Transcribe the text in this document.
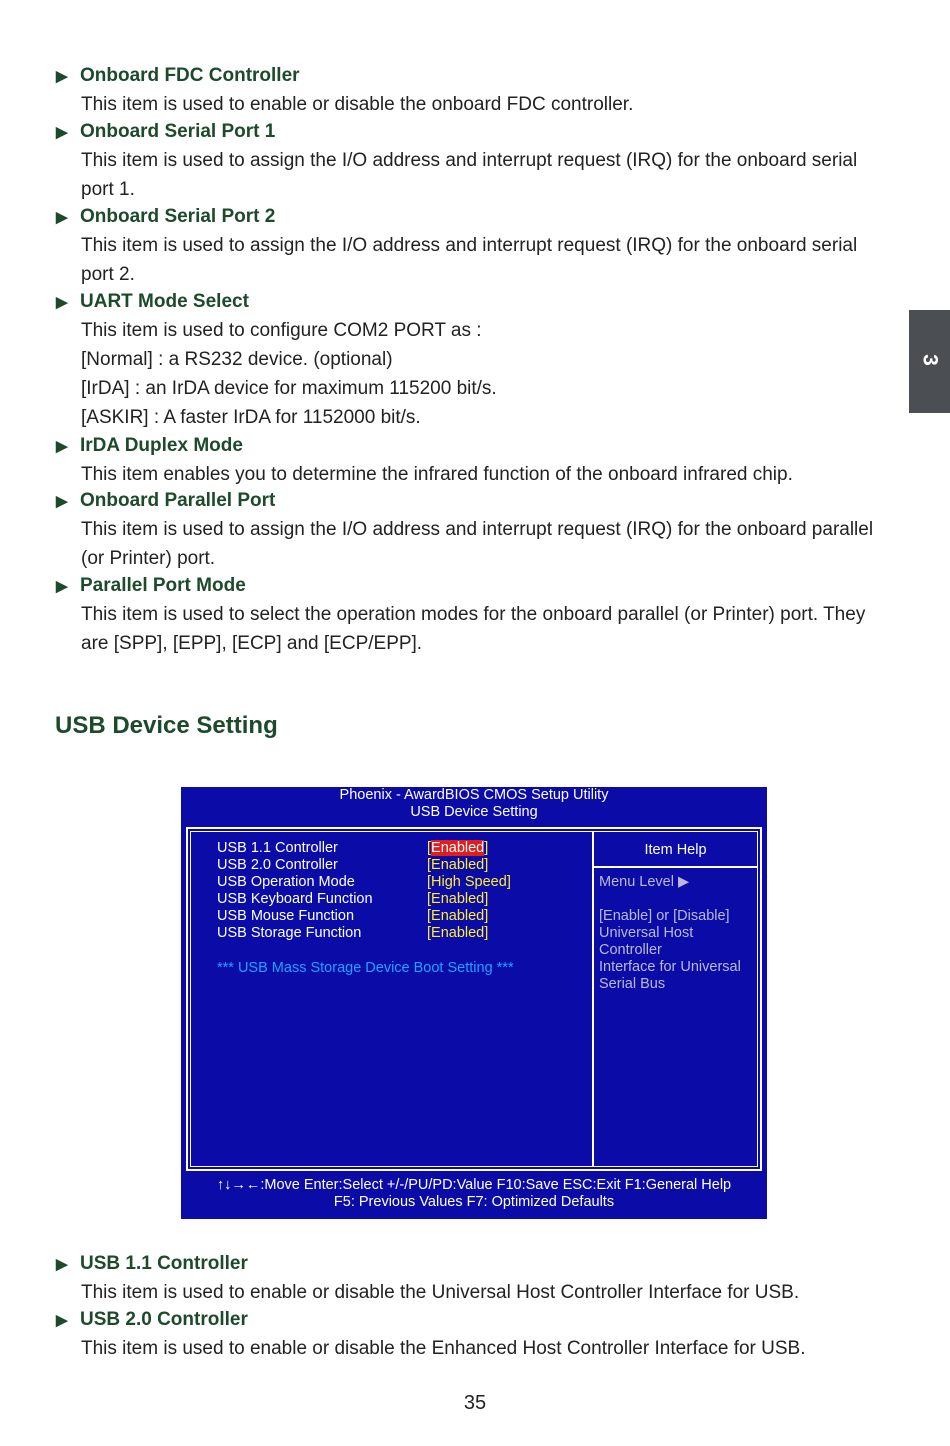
3
▶ Onboard FDC Controller
This item is used to enable or disable the onboard FDC controller.
▶ Onboard Serial Port 1
This item is used to assign the I/O address and interrupt request (IRQ) for the onboard serial
port 1.
▶ Onboard Serial Port 2
This item is used to assign the I/O address and interrupt request (IRQ) for the onboard serial
port 2.
▶ UART Mode Select
This item is used to configure COM2 PORT as :
[Normal] : a RS232 device. (optional)
[IrDA] : an IrDA device for maximum 115200 bit/s.
[ASKIR] : A faster IrDA for 1152000 bit/s.
▶ IrDA Duplex Mode
This item enables you to determine the infrared function of the onboard infrared chip.
▶ Onboard Parallel Port
This item is used to assign the I/O address and interrupt request (IRQ) for the onboard parallel
(or Printer) port.
▶ Parallel Port Mode
This item is used to select the operation modes for the onboard parallel (or Printer) port. They
are [SPP], [EPP], [ECP] and [ECP/EPP].
USB Device Setting
Phoenix - AwardBIOS CMOS Setup Utility
USB Device Setting
USB 1.1 Controller	[Enabled]
USB 2.0 Controller	[Enabled]
USB Operation Mode	[High Speed]
USB Keyboard Function	[Enabled]
USB Mouse Function	[Enabled]
USB Storage Function	[Enabled]
*** USB Mass Storage Device Boot Setting ***
Item Help
Menu Level ▶
[Enable] or [Disable]
Universal Host
Controller
Interface for Universal
Serial Bus
↑↓→←:Move Enter:Select +/-/PU/PD:Value F10:Save ESC:Exit F1:General Help
F5: Previous Values F7: Optimized Defaults
▶ USB 1.1 Controller
This item is used to enable or disable the Universal Host Controller Interface for USB.
▶ USB 2.0 Controller
This item is used to enable or disable the Enhanced Host Controller Interface for USB.
35
